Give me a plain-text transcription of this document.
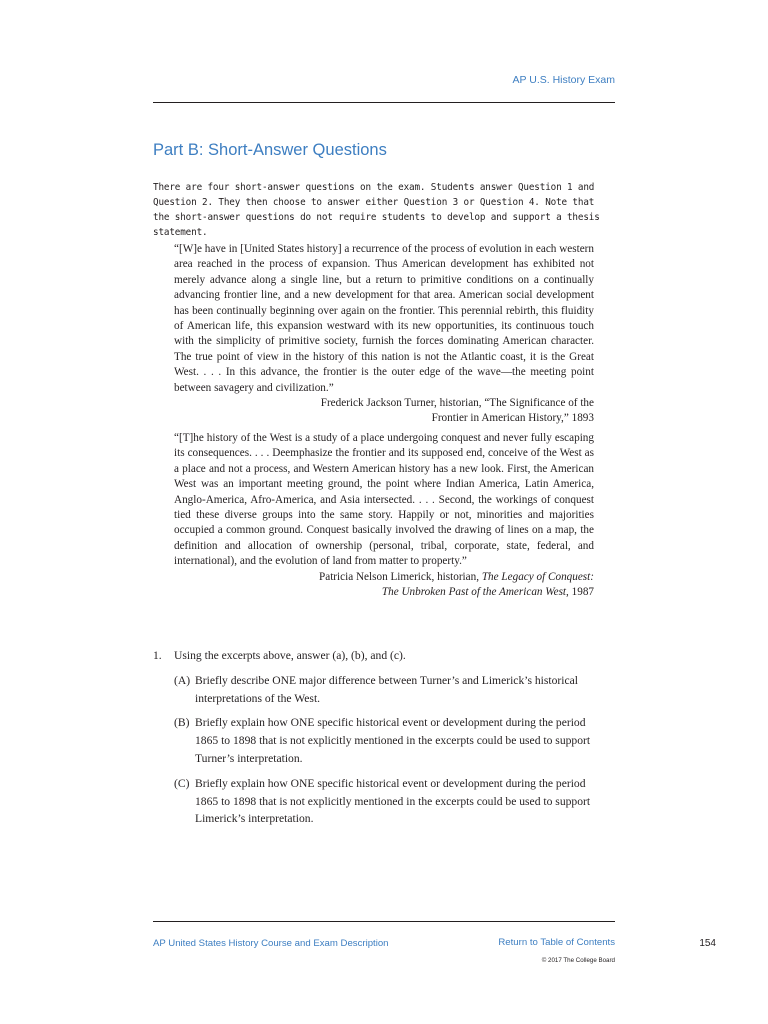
AP U.S. History Exam
Part B: Short-Answer Questions

There are four short-answer questions on the exam. Students answer Question 1 and Question 2. They then choose to answer either Question 3 or Question 4. Note that the short-answer questions do not require students to develop and support a thesis statement.

“[W]e have in [United States history] a recurrence of the process of evolution in each western area reached in the process of expansion. Thus American development has exhibited not merely advance along a single line, but a return to primitive conditions on a continually advancing frontier line, and a new development for that area. American social development has been continually beginning over again on the frontier. This perennial rebirth, this fluidity of American life, this expansion westward with its new opportunities, its continuous touch with the simplicity of primitive society, furnish the forces dominating American character. The true point of view in the history of this nation is not the Atlantic coast, it is the Great West. . . . In this advance, the frontier is the outer edge of the wave—the meeting point between savagery and civilization.”

Frederick Jackson Turner, historian, “The Significance of the
Frontier in American History,” 1893

“[T]he history of the West is a study of a place undergoing conquest and never fully escaping its consequences. . . . Deemphasize the frontier and its supposed end, conceive of the West as a place and not a process, and Western American history has a new look. First, the American West was an important meeting ground, the point where Indian America, Latin America, Anglo-America, Afro-America, and Asia intersected. . . . Second, the workings of conquest tied these diverse groups into the same story. Happily or not, minorities and majorities occupied a common ground. Conquest basically involved the drawing of lines on a map, the definition and allocation of ownership (personal, tribal, corporate, state, federal, and international), and the evolution of land from matter to property.”

Patricia Nelson Limerick, historian, The Legacy of Conquest:
The Unbroken Past of the American West, 1987
1.	Using the excerpts above, answer (a), (b), and (c).
(A) Briefly describe ONE major difference between Turner’s and Limerick’s historical interpretations of the West.
(B) Briefly explain how ONE specific historical event or development during the period 1865 to 1898 that is not explicitly mentioned in the excerpts could be used to support Turner’s interpretation.
(C) Briefly explain how ONE specific historical event or development during the period 1865 to 1898 that is not explicitly mentioned in the excerpts could be used to support Limerick’s interpretation.
AP United States History Course and Exam Description	Return to Table of Contents	154
© 2017 The College Board
